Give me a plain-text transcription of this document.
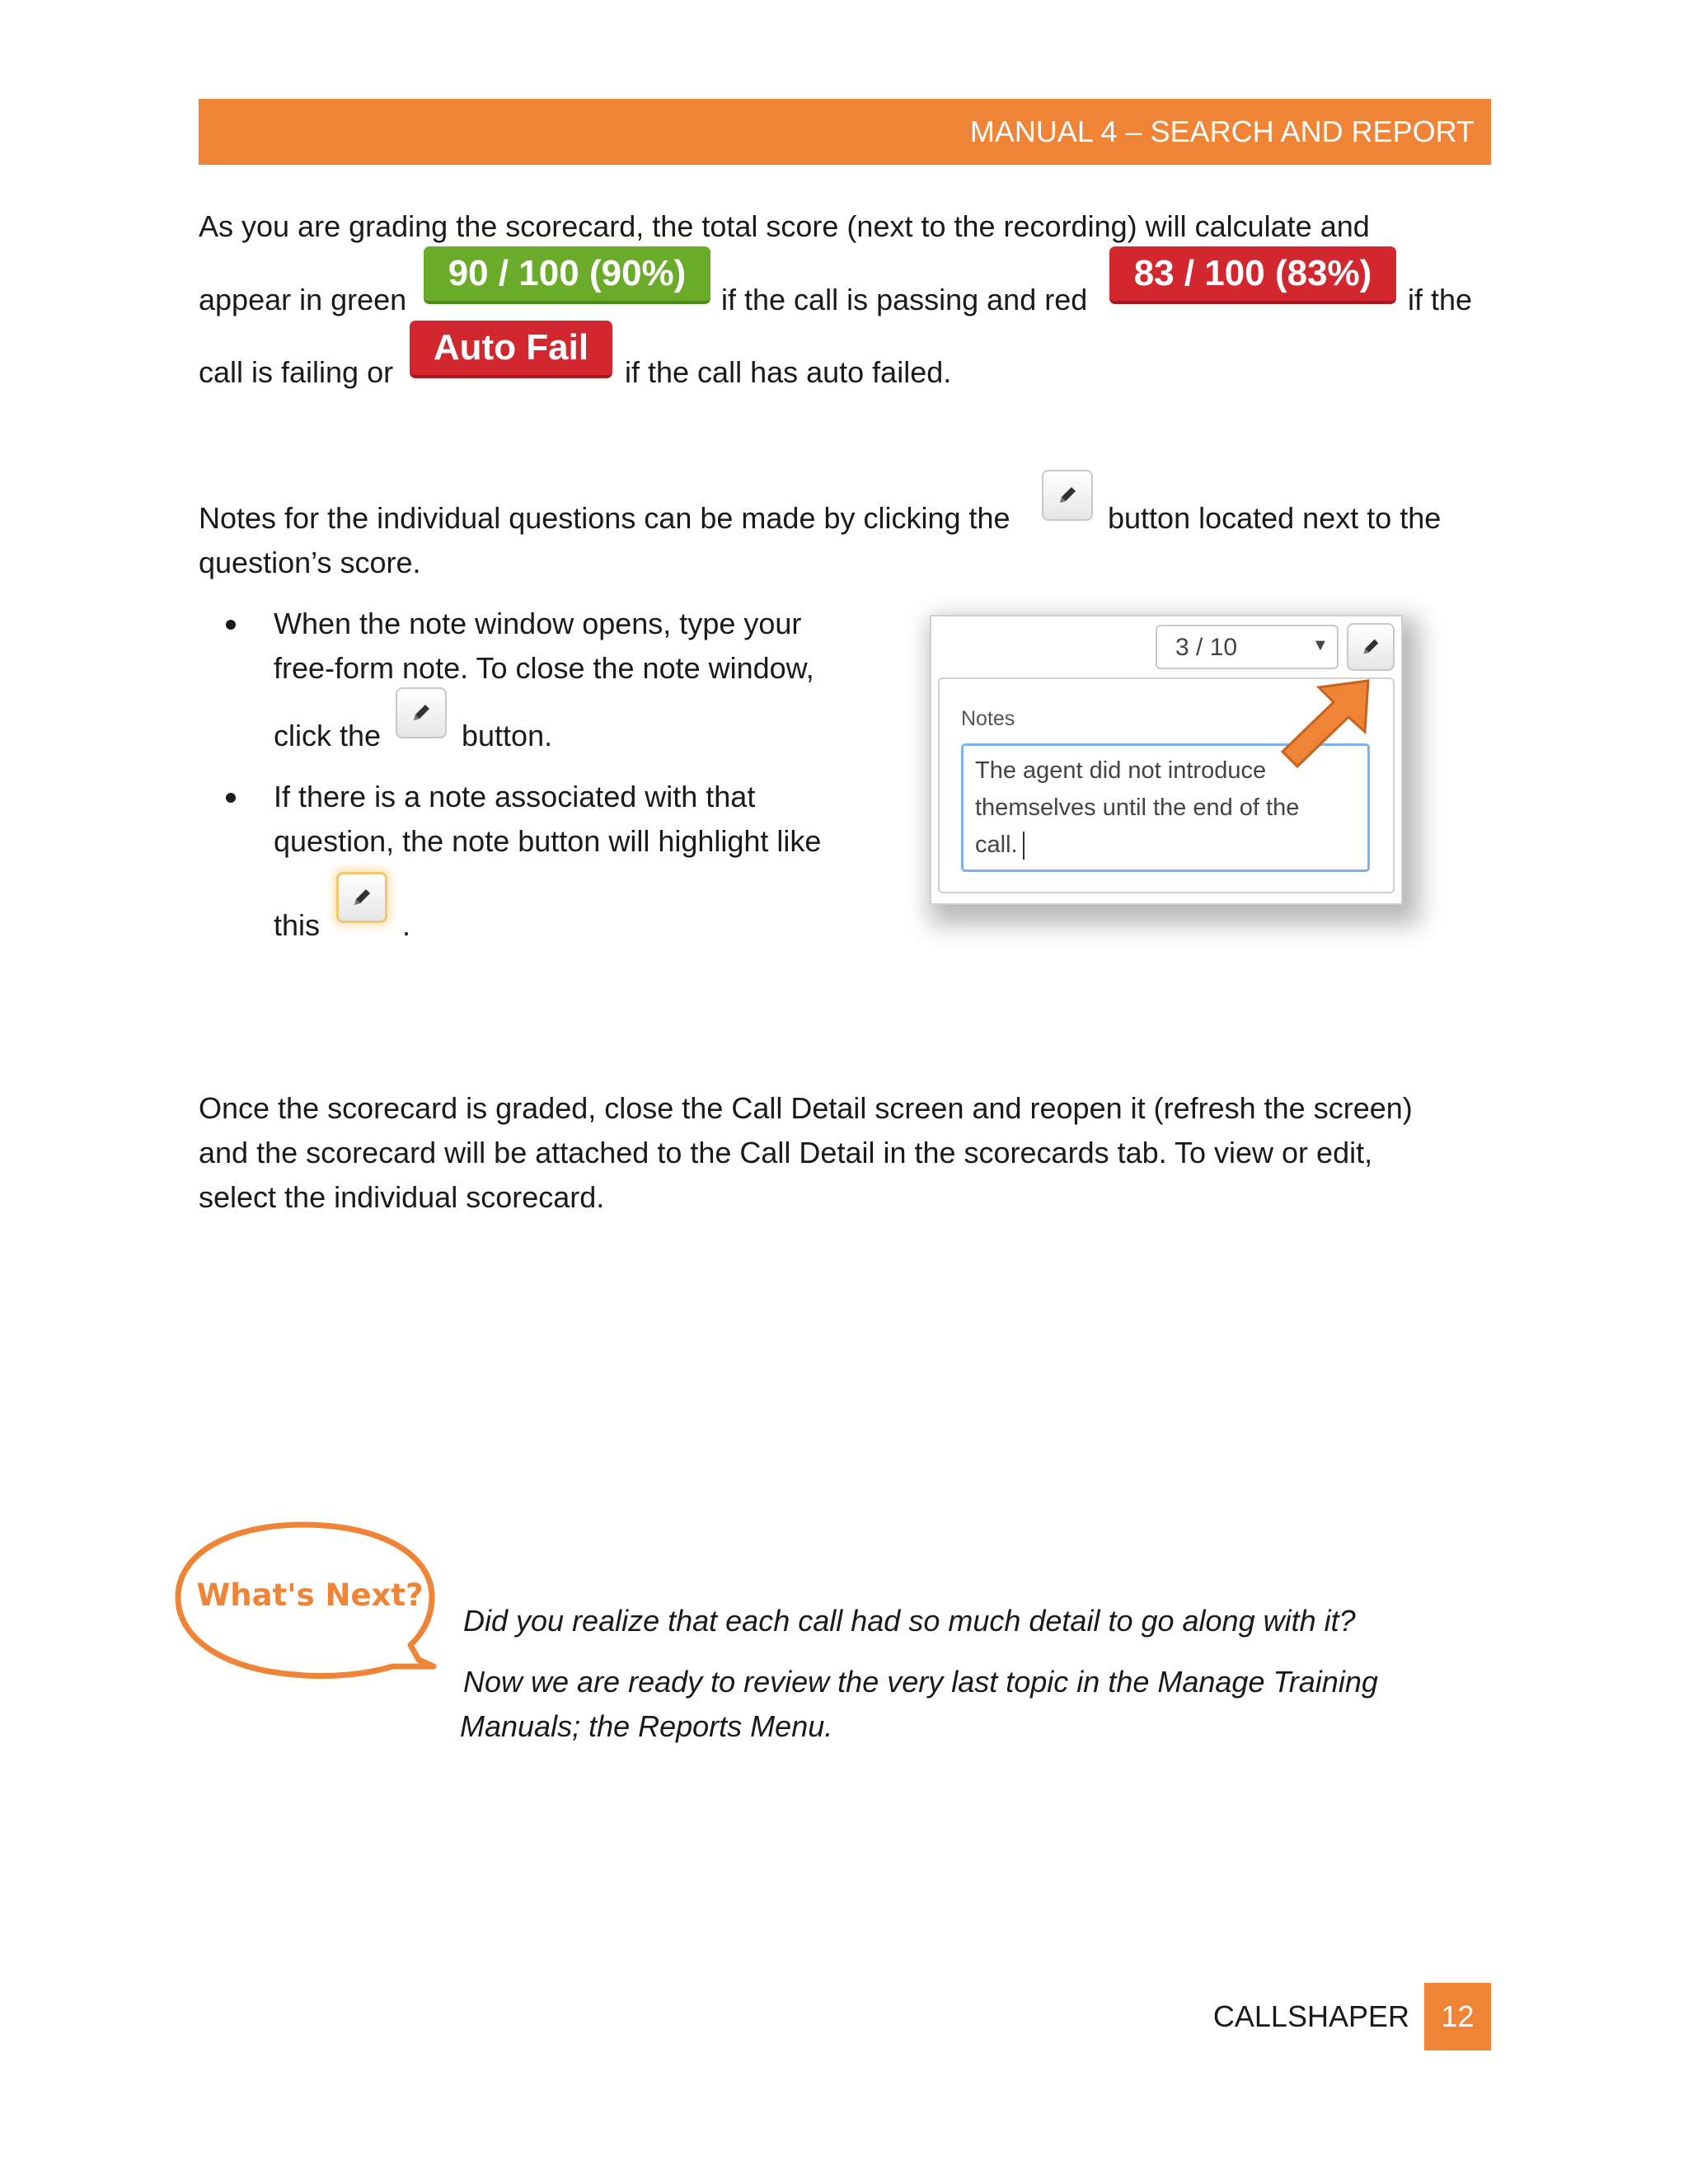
MANUAL 4 – SEARCH AND REPORT
As you are grading the scorecard, the total score (next to the recording) will calculate and
appear in green
90 / 100 (90%)
if the call is passing and red
83 / 100 (83%)
if the
call is failing or
Auto Fail
if the call has auto failed.
Notes for the individual questions can be made by clicking the	button located next to the
question’s score.
When the note window opens, type your
free-form note. To close the note window,
click the	button.
If there is a note associated with that
question, the note button will highlight like
this	.
3 / 10	▼
Notes
The agent did not introduce
themselves until the end of the
call.
Once the scorecard is graded, close the Call Detail screen and reopen it (refresh the screen)
and the scorecard will be attached to the Call Detail in the scorecards tab. To view or edit,
select the individual scorecard.
What's Next?
Did you realize that each call had so much detail to go along with it?
Now we are ready to review the very last topic in the Manage Training
Manuals; the Reports Menu.
CALLSHAPER	12
